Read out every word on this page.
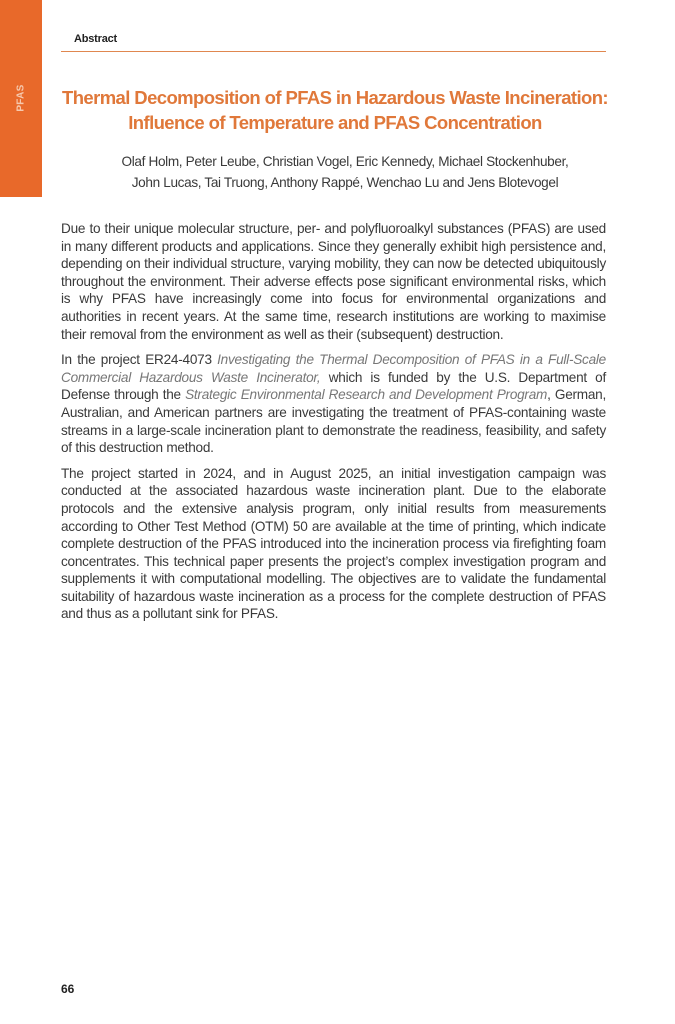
PFAS
Abstract
Thermal Decomposition of PFAS in Hazardous Waste Incineration:
Influence of Temperature and PFAS Concentration
Olaf Holm, Peter Leube, Christian Vogel, Eric Kennedy, Michael Stockenhuber,
John Lucas, Tai Truong, Anthony Rappé, Wenchao Lu and Jens Blotevogel

Due to their unique molecular structure, per- and polyfluoroalkyl substances (PFAS) are used in many different products and applications. Since they generally exhibit high persistence and, depending on their individual structure, varying mobility, they can now be detected ubiquitously throughout the environment. Their adverse effects pose significant environmental risks, which is why PFAS have increasingly come into focus for environmental organizations and authorities in recent years. At the same time, research institutions are working to maximise their removal from the environment as well as their (subsequent) destruction.

In the project ER24-4073 Investigating the Thermal Decomposition of PFAS in a Full-Scale Commercial Hazardous Waste Incinerator, which is funded by the U.S. Department of Defense through the Strategic Environmental Research and Development Program, German, Australian, and American partners are investigating the treatment of PFAS-containing waste streams in a large-scale incineration plant to demonstrate the readiness, feasibility, and safety of this destruction method.

The project started in 2024, and in August 2025, an initial investigation campaign was conducted at the associated hazardous waste incineration plant. Due to the elaborate protocols and the extensive analysis program, only initial results from measurements according to Other Test Method (OTM) 50 are available at the time of printing, which indicate complete destruction of the PFAS introduced into the incineration process via firefighting foam concentrates. This technical paper presents the project’s complex investigation program and supplements it with computational modelling. The objectives are to validate the fundamental suitability of hazardous waste incineration as a process for the complete destruction of PFAS and thus as a pollutant sink for PFAS.

66
